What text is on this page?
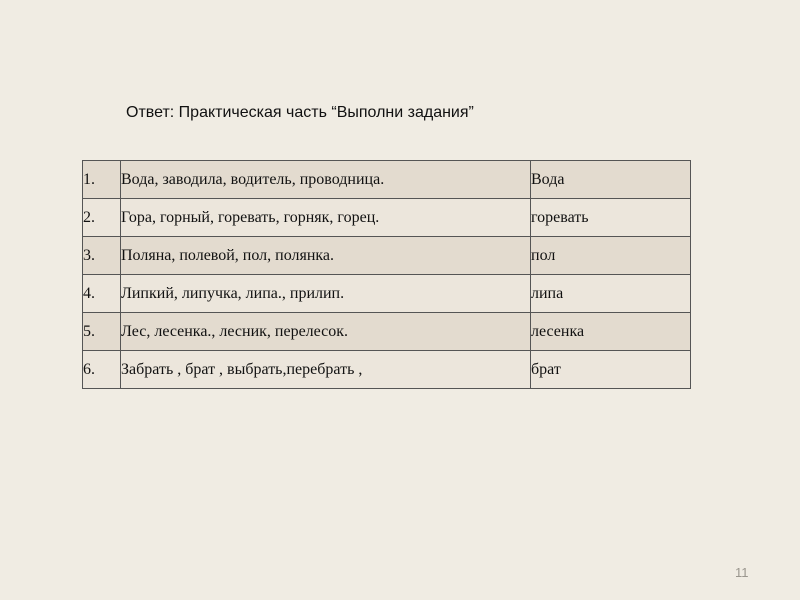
Ответ: Практическая часть “Выполни задания”
1.	Вода, заводила, водитель, проводница.	Вода
2.	Гора, горный, горевать, горняк, горец.	горевать
3.	Поляна, полевой, пол, полянка.	пол
4.	Липкий, липучка, липа., прилип.	липа
5.	Лес, лесенка., лесник, перелесок.	лесенка
6.	Забрать , брат , выбрать,перебрать ,	брат
11
